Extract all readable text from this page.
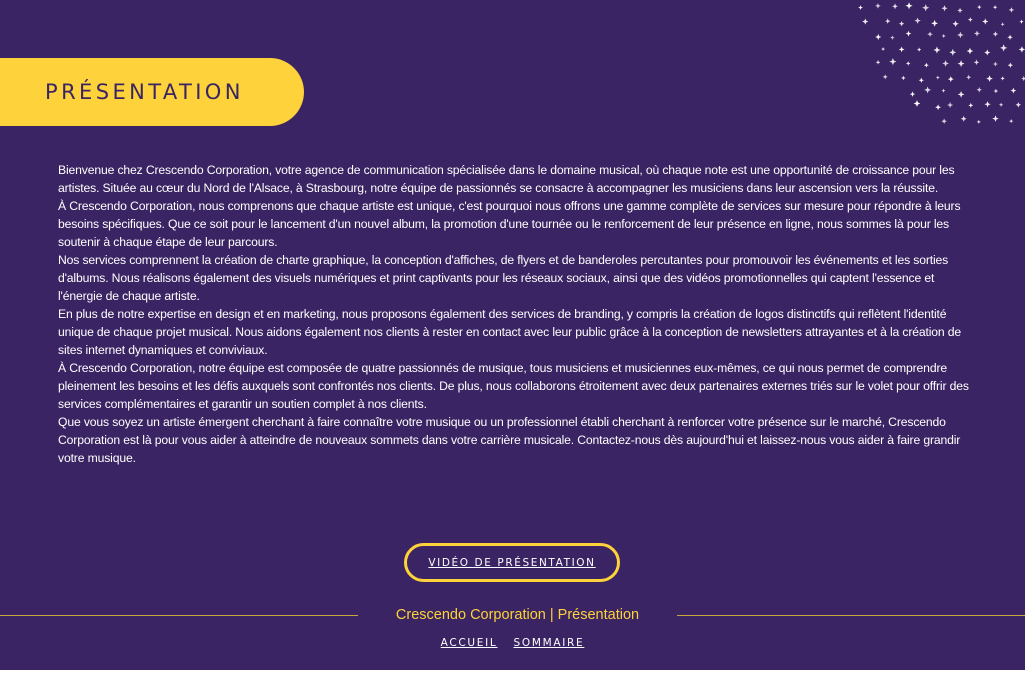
PRÉSENTATION

Bienvenue chez Crescendo Corporation, votre agence de communication spécialisée dans le domaine musical, où chaque note est une opportunité de croissance pour les artistes. Située au cœur du Nord de l'Alsace, à Strasbourg, notre équipe de passionnés se consacre à accompagner les musiciens dans leur ascension vers la réussite.

À Crescendo Corporation, nous comprenons que chaque artiste est unique, c'est pourquoi nous offrons une gamme complète de services sur mesure pour répondre à leurs besoins spécifiques. Que ce soit pour le lancement d'un nouvel album, la promotion d'une tournée ou le renforcement de leur présence en ligne, nous sommes là pour les soutenir à chaque étape de leur parcours.

Nos services comprennent la création de charte graphique, la conception d'affiches, de flyers et de banderoles percutantes pour promouvoir les événements et les sorties d'albums. Nous réalisons également des visuels numériques et print captivants pour les réseaux sociaux, ainsi que des vidéos promotionnelles qui captent l'essence et l'énergie de chaque artiste.

En plus de notre expertise en design et en marketing, nous proposons également des services de branding, y compris la création de logos distinctifs qui reflètent l'identité unique de chaque projet musical. Nous aidons également nos clients à rester en contact avec leur public grâce à la conception de newsletters attrayantes et à la création de sites internet dynamiques et conviviaux.

À Crescendo Corporation, notre équipe est composée de quatre passionnés de musique, tous musiciens et musiciennes eux-mêmes, ce qui nous permet de comprendre pleinement les besoins et les défis auxquels sont confrontés nos clients. De plus, nous collaborons étroitement avec deux partenaires externes triés sur le volet pour offrir des services complémentaires et garantir un soutien complet à nos clients.

Que vous soyez un artiste émergent cherchant à faire connaître votre musique ou un professionnel établi cherchant à renforcer votre présence sur le marché, Crescendo Corporation est là pour vous aider à atteindre de nouveaux sommets dans votre carrière musicale. Contactez-nous dès aujourd'hui et laissez-nous vous aider à faire grandir votre musique.

VIDÉO DE PRÉSENTATION
Crescendo Corporation | Présentation
ACCUEIL SOMMAIRE
